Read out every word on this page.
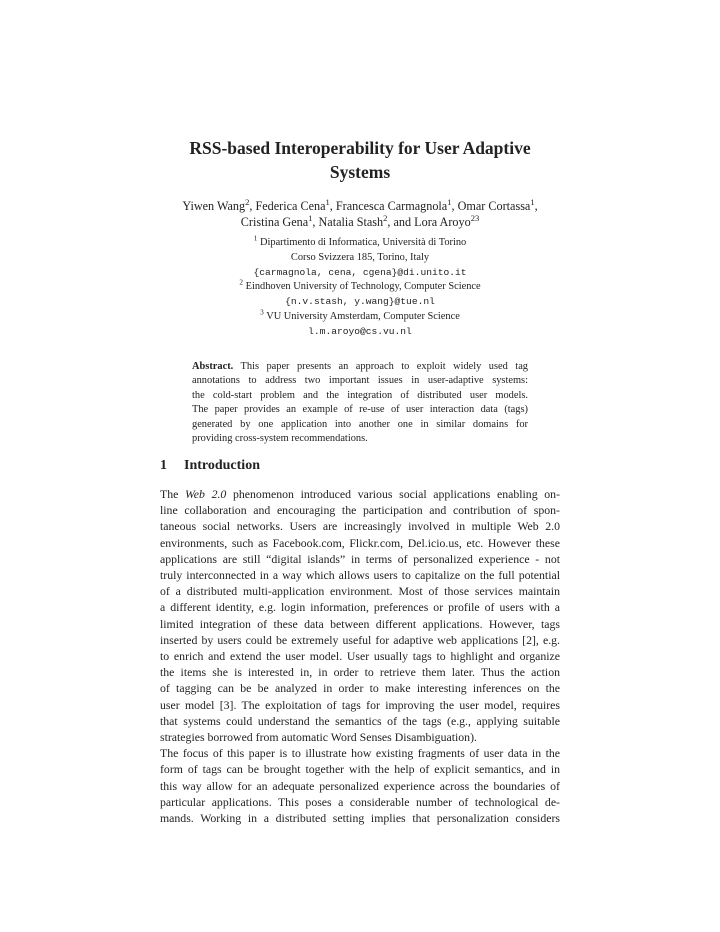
RSS-based Interoperability for User Adaptive
Systems
Yiwen Wang$^2$, Federica Cena$^1$, Francesca Carmagnola$^1$, Omar Cortassa$^1$,
Cristina Gena$^1$, Natalia Stash$^2$, and Lora Aroyo$^{23}$
$^1$ Dipartimento di Informatica, Università di Torino
Corso Svizzera 185, Torino, Italy
{carmagnola, cena, cgena}@di.unito.it
$^2$ Eindhoven University of Technology, Computer Science
{n.v.stash, y.wang}@tue.nl
$^3$ VU University Amsterdam, Computer Science
l.m.aroyo@cs.vu.nl
Abstract. This paper presents an approach to exploit widely used tag
annotations to address two important issues in user-adaptive systems:
the cold-start problem and the integration of distributed user models.
The paper provides an example of re-use of user interaction data (tags)
generated by one application into another one in similar domains for
providing cross-system recommendations.
1 Introduction
The Web 2.0 phenomenon introduced various social applications enabling on-
line collaboration and encouraging the participation and contribution of spon-
taneous social networks. Users are increasingly involved in multiple Web 2.0
environments, such as Facebook.com, Flickr.com, Del.icio.us, etc. However these
applications are still “digital islands” in terms of personalized experience - not
truly interconnected in a way which allows users to capitalize on the full potential
of a distributed multi-application environment. Most of those services maintain
a different identity, e.g. login information, preferences or profile of users with a
limited integration of these data between different applications. However, tags
inserted by users could be extremely useful for adaptive web applications [2], e.g.
to enrich and extend the user model. User usually tags to highlight and organize
the items she is interested in, in order to retrieve them later. Thus the action
of tagging can be be analyzed in order to make interesting inferences on the
user model [3]. The exploitation of tags for improving the user model, requires
that systems could understand the semantics of the tags (e.g., applying suitable
strategies borrowed from automatic Word Senses Disambiguation).
The focus of this paper is to illustrate how existing fragments of user data in the
form of tags can be brought together with the help of explicit semantics, and in
this way allow for an adequate personalized experience across the boundaries of
particular applications. This poses a considerable number of technological de-
mands. Working in a distributed setting implies that personalization considers
